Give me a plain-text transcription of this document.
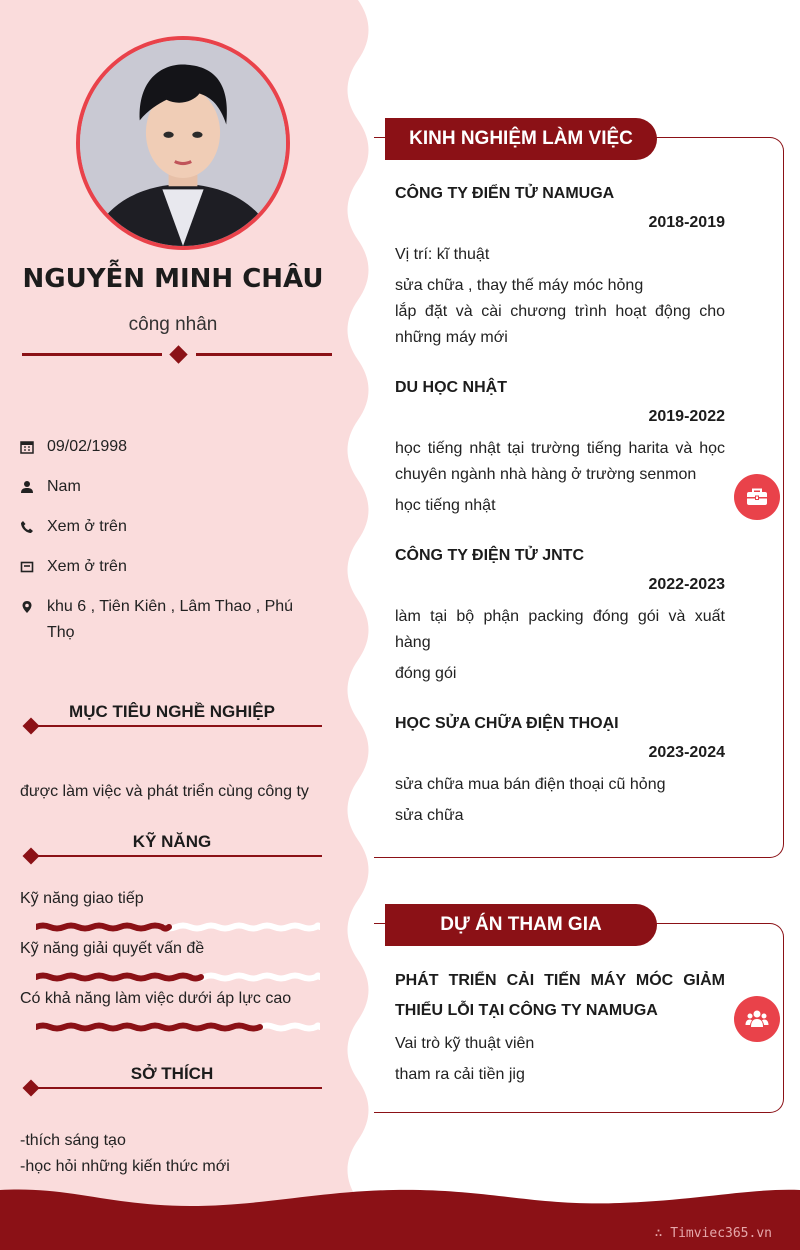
NGUYỄN MINH CHÂU
công nhân
09/02/1998
Nam
Xem ở trên
Xem ở trên
khu 6 , Tiên Kiên , Lâm Thao , Phú Thọ
MỤC TIÊU NGHỀ NGHIỆP
được làm việc và phát triển cùng công ty
KỸ NĂNG
Kỹ năng giao tiếp
Kỹ năng giải quyết vấn đề
Có khả năng làm việc dưới áp lực cao
SỞ THÍCH
-thích sáng tạo
-học hỏi những kiến thức mới
KINH NGHIỆM LÀM VIỆC
CÔNG TY ĐIỂN TỬ NAMUGA
2018-2019
Vị trí: kĩ thuật
sửa chữa , thay thế máy móc hỏng
lắp đặt và cài chương trình hoạt động cho những máy mới
DU HỌC NHẬT
2019-2022
học tiếng nhật tại trường tiếng harita và học chuyên ngành nhà hàng ở trường senmon
học tiếng nhật
CÔNG TY ĐIỆN TỬ JNTC
2022-2023
làm tại bộ phận packing đóng gói và xuất hàng
đóng gói
HỌC SỬA CHỮA ĐIỆN THOẠI
2023-2024
sửa chữa mua bán điện thoại cũ hỏng
sửa chữa
DỰ ÁN THAM GIA
PHÁT TRIỂN CẢI TIẾN MÁY MÓC GIẢM THIỂU LỖI TẠI CÔNG TY NAMUGA
Vai trò kỹ thuật viên
tham ra cải tiền jig
∴ Timviec365.vn
